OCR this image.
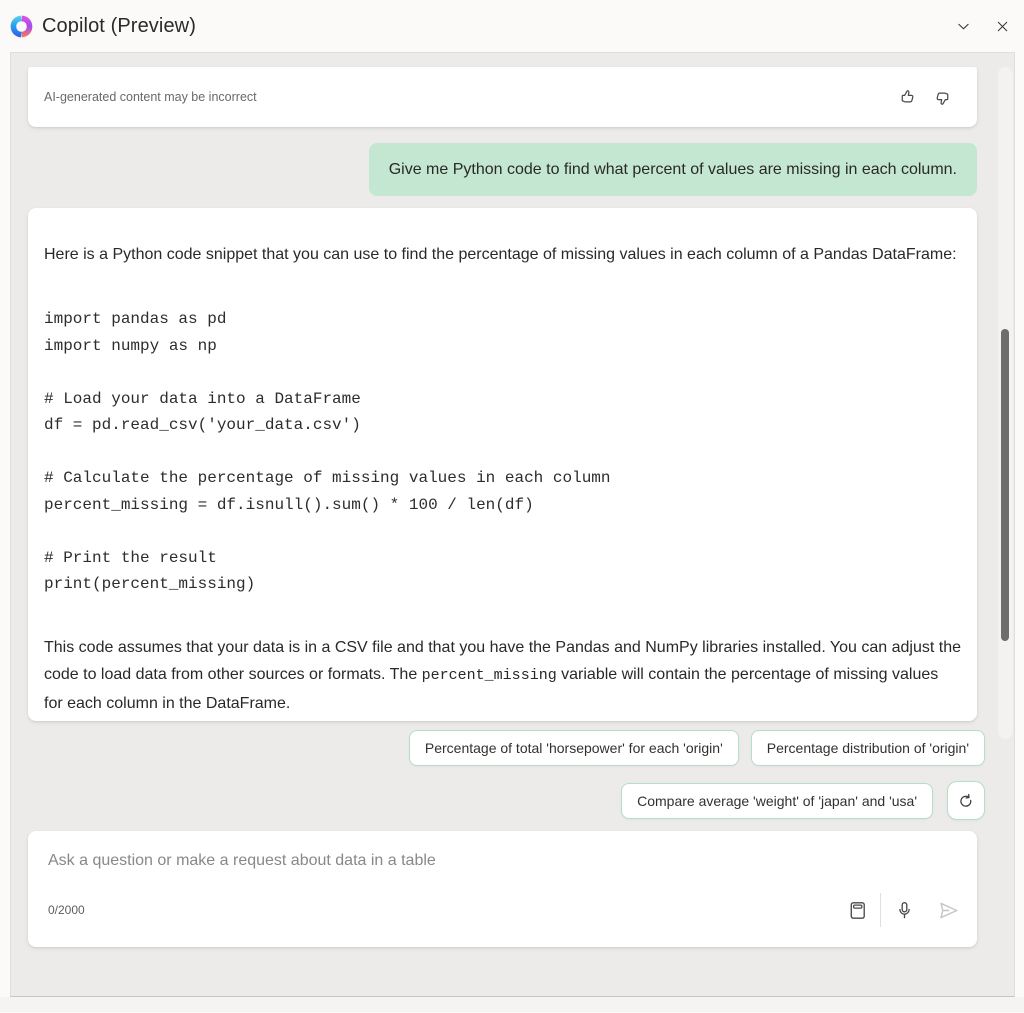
Copilot (Preview)
AI-generated content may be incorrect
Give me Python code to find what percent of values are missing in each column.

Here is a Python code snippet that you can use to find the percentage of missing values in each column of a Pandas DataFrame:

import pandas as pd
import numpy as np
# Load your data into a DataFrame
df = pd.read_csv('your_data.csv')
# Calculate the percentage of missing values in each column
percent_missing = df.isnull().sum() * 100 / len(df)
# Print the result
print(percent_missing)

This code assumes that your data is in a CSV file and that you have the Pandas and NumPy libraries installed. You can adjust the code to load data from other sources or formats. The percent_missing variable will contain the percentage of missing values for each column in the DataFrame.

Percentage of total 'horsepower' for each 'origin'	Percentage distribution of 'origin'
Compare average 'weight' of 'japan' and 'usa'
Ask a question or make a request about data in a table
0/2000
